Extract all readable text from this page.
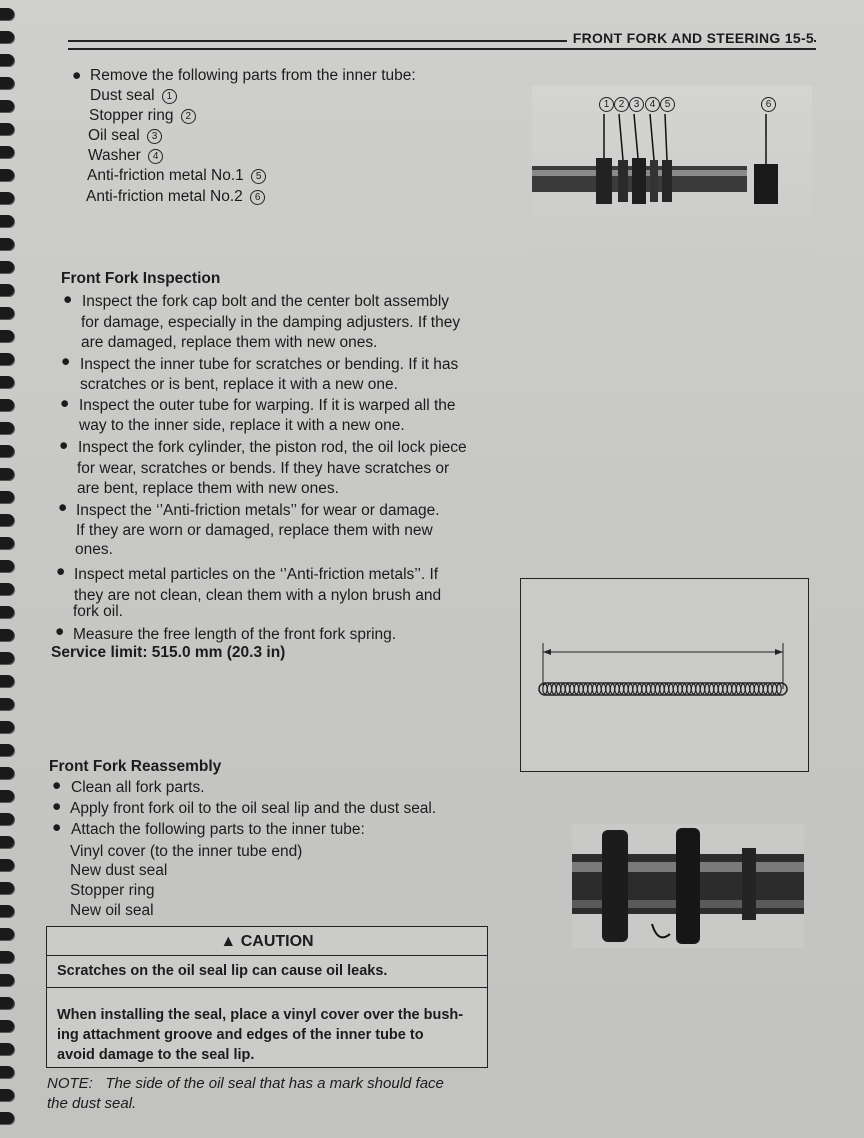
FRONT FORK AND STEERING 15-5
● Remove the following parts from the inner tube:
Dust seal 1
Stopper ring 2
Oil seal 3
Washer 4
Anti-friction metal No.1 5
Anti-friction metal No.2 6
1 2 3	4 5	6
Front Fork Inspection
● Inspect the fork cap bolt and the center bolt assembly
for damage, especially in the damping adjusters. If they
are damaged, replace them with new ones.
● Inspect the inner tube for scratches or bending. If it has
scratches or is bent, replace it with a new one.
● Inspect the outer tube for warping. If it is warped all the
way to the inner side, replace it with a new one.
● Inspect the fork cylinder, the piston rod, the oil lock piece
for wear, scratches or bends. If they have scratches or
are bent, replace them with new ones.
● Inspect the ‘’Anti-friction metals’’ for wear or damage.
If they are worn or damaged, replace them with new
ones.
● Inspect metal particles on the ‘’Anti-friction metals’’. If
they are not clean, clean them with a nylon brush and
fork oil.
● Measure the free length of the front fork spring.
Service limit: 515.0 mm (20.3 in)
Front Fork Reassembly
● Clean all fork parts.
● Apply front fork oil to the oil seal lip and the dust seal.
● Attach the following parts to the inner tube:
Vinyl cover (to the inner tube end)
New dust seal
Stopper ring
New oil seal
▲ CAUTION
Scratches on the oil seal lip can cause oil leaks.
When installing the seal, place a vinyl cover over the bush-
ing attachment groove and edges of the inner tube to
avoid damage to the seal lip.
NOTE: The side of the oil seal that has a mark should face
the dust seal.
